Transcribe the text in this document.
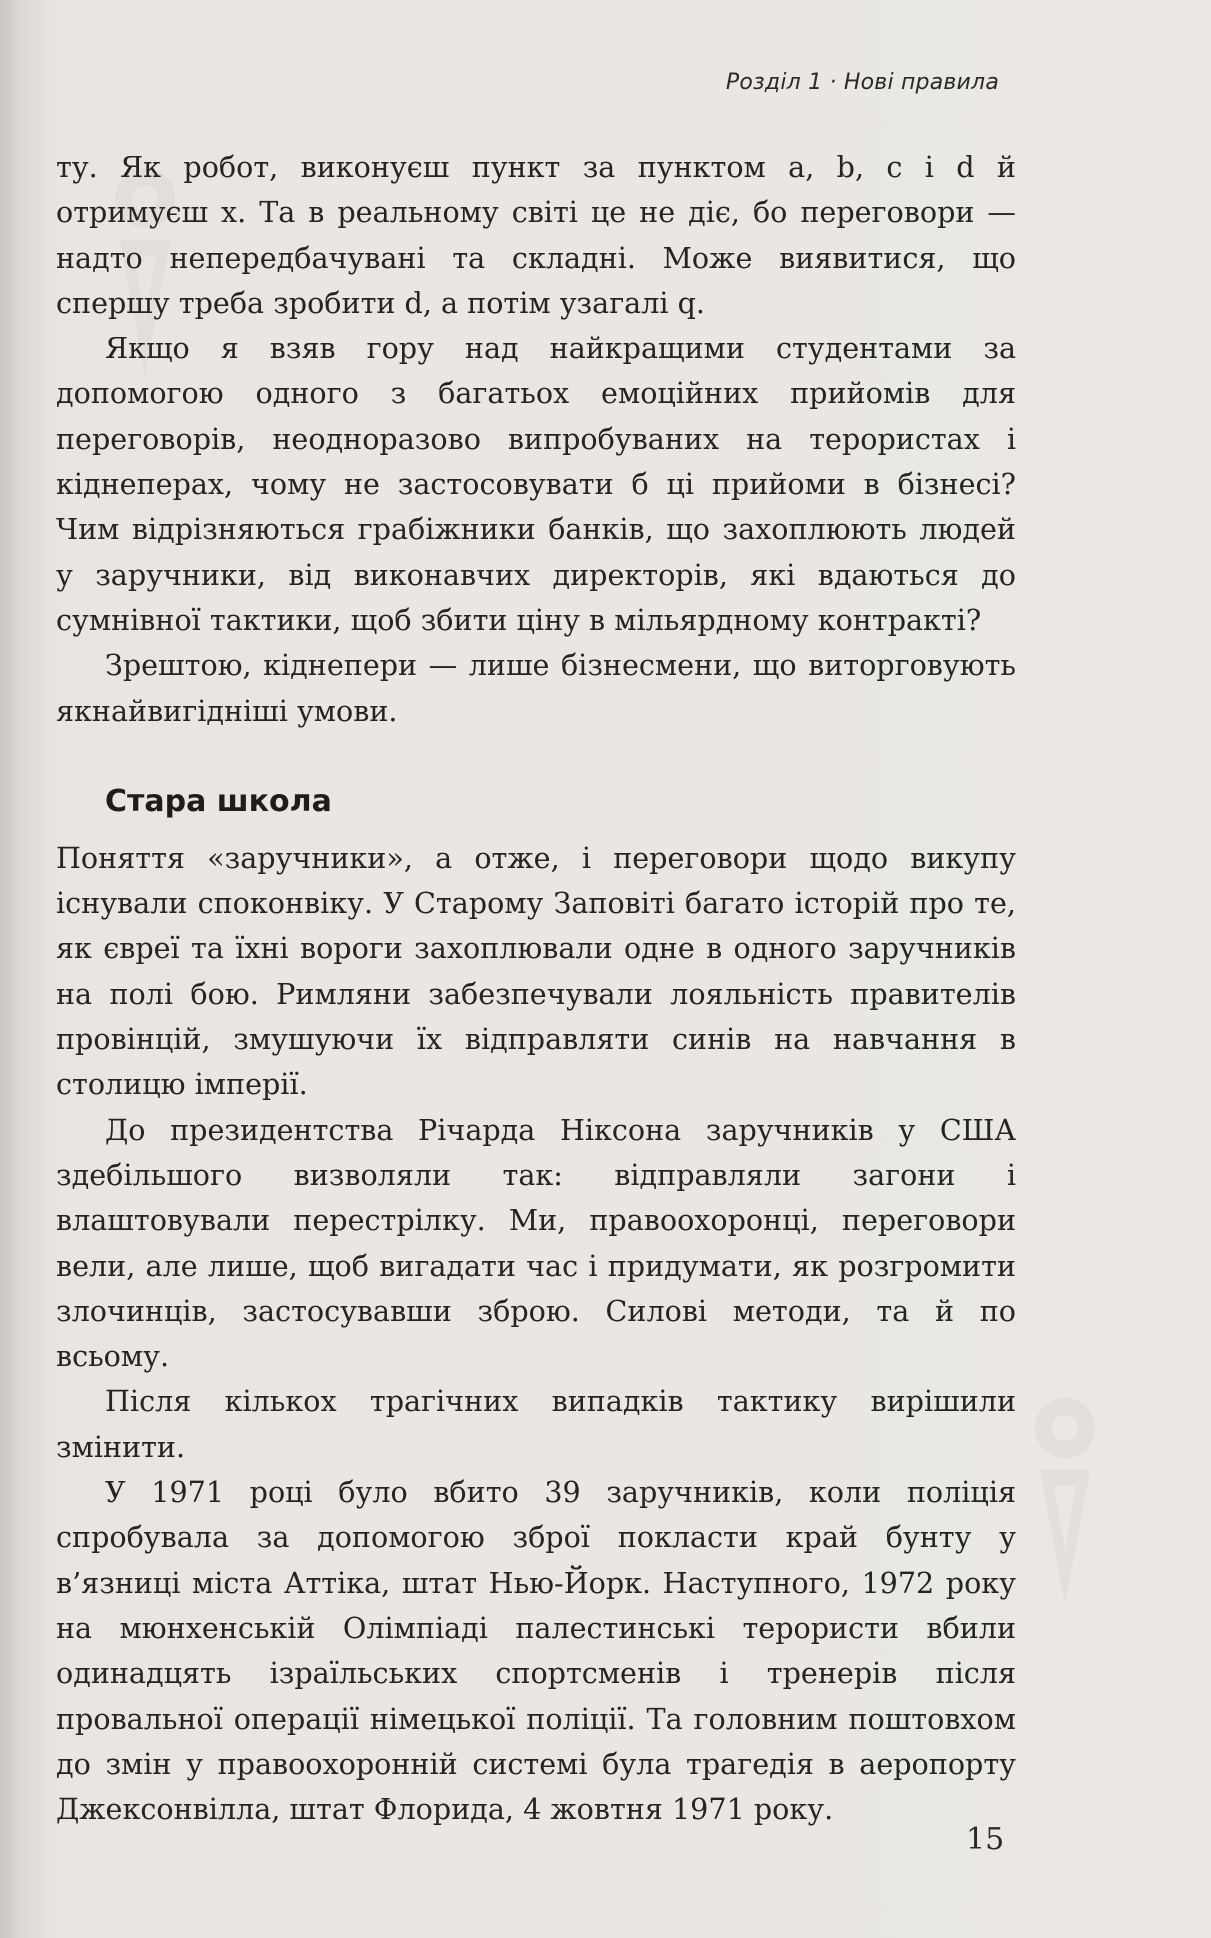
Розділ 1 · Нові правила

ту. Як робот, виконуєш пункт за пунктом a, b, c і d й отримуєш x. Та в реальному світі це не діє, бо переговори — надто непередбачувані та складні. Може виявитися, що спершу треба зробити d, а потім узагалі q.

Якщо я взяв гору над найкращими студентами за допомогою одного з багатьох емоційних прийомів для переговорів, неодноразово випробуваних на терористах і кіднеперах, чому не застосовувати б ці прийоми в бізнесі? Чим відрізняються грабіжники банків, що захоплюють людей у заручники, від виконавчих директорів, які вдаються до сумнівної тактики, щоб збити ціну в мільярдному контракті?

Зрештою, кіднепери — лише бізнесмени, що виторговують якнайвигідніші умови.

Стара школа

Поняття «заручники», а отже, і переговори щодо викупу існували споконвіку. У Старому Заповіті багато історій про те, як євреї та їхні вороги захоплювали одне в одного заручників на полі бою. Римляни забезпечували лояльність правителів провінцій, змушуючи їх відправляти синів на навчання в столицю імперії.

До президентства Річарда Ніксона заручників у США здебільшого визволяли так: відправляли загони і влаштовували перестрілку. Ми, правоохоронці, переговори вели, але лише, щоб вигадати час і придумати, як розгромити злочинців, застосувавши зброю. Силові методи, та й по всьому.

Після кількох трагічних випадків тактику вирішили змінити.

У 1971 році було вбито 39 заручників, коли поліція спробувала за допомогою зброї покласти край бунту у в’язниці міста Аттіка, штат Нью-Йорк. Наступного, 1972 року на мюнхенській Олімпіаді палестинські терористи вбили одинадцять ізраїльських спортсменів і тренерів після провальної операції німецької поліції. Та головним поштовхом до змін у правоохоронній системі була трагедія в аеропорту Джексонвілла, штат Флорида, 4 жовтня 1971 року.

15
